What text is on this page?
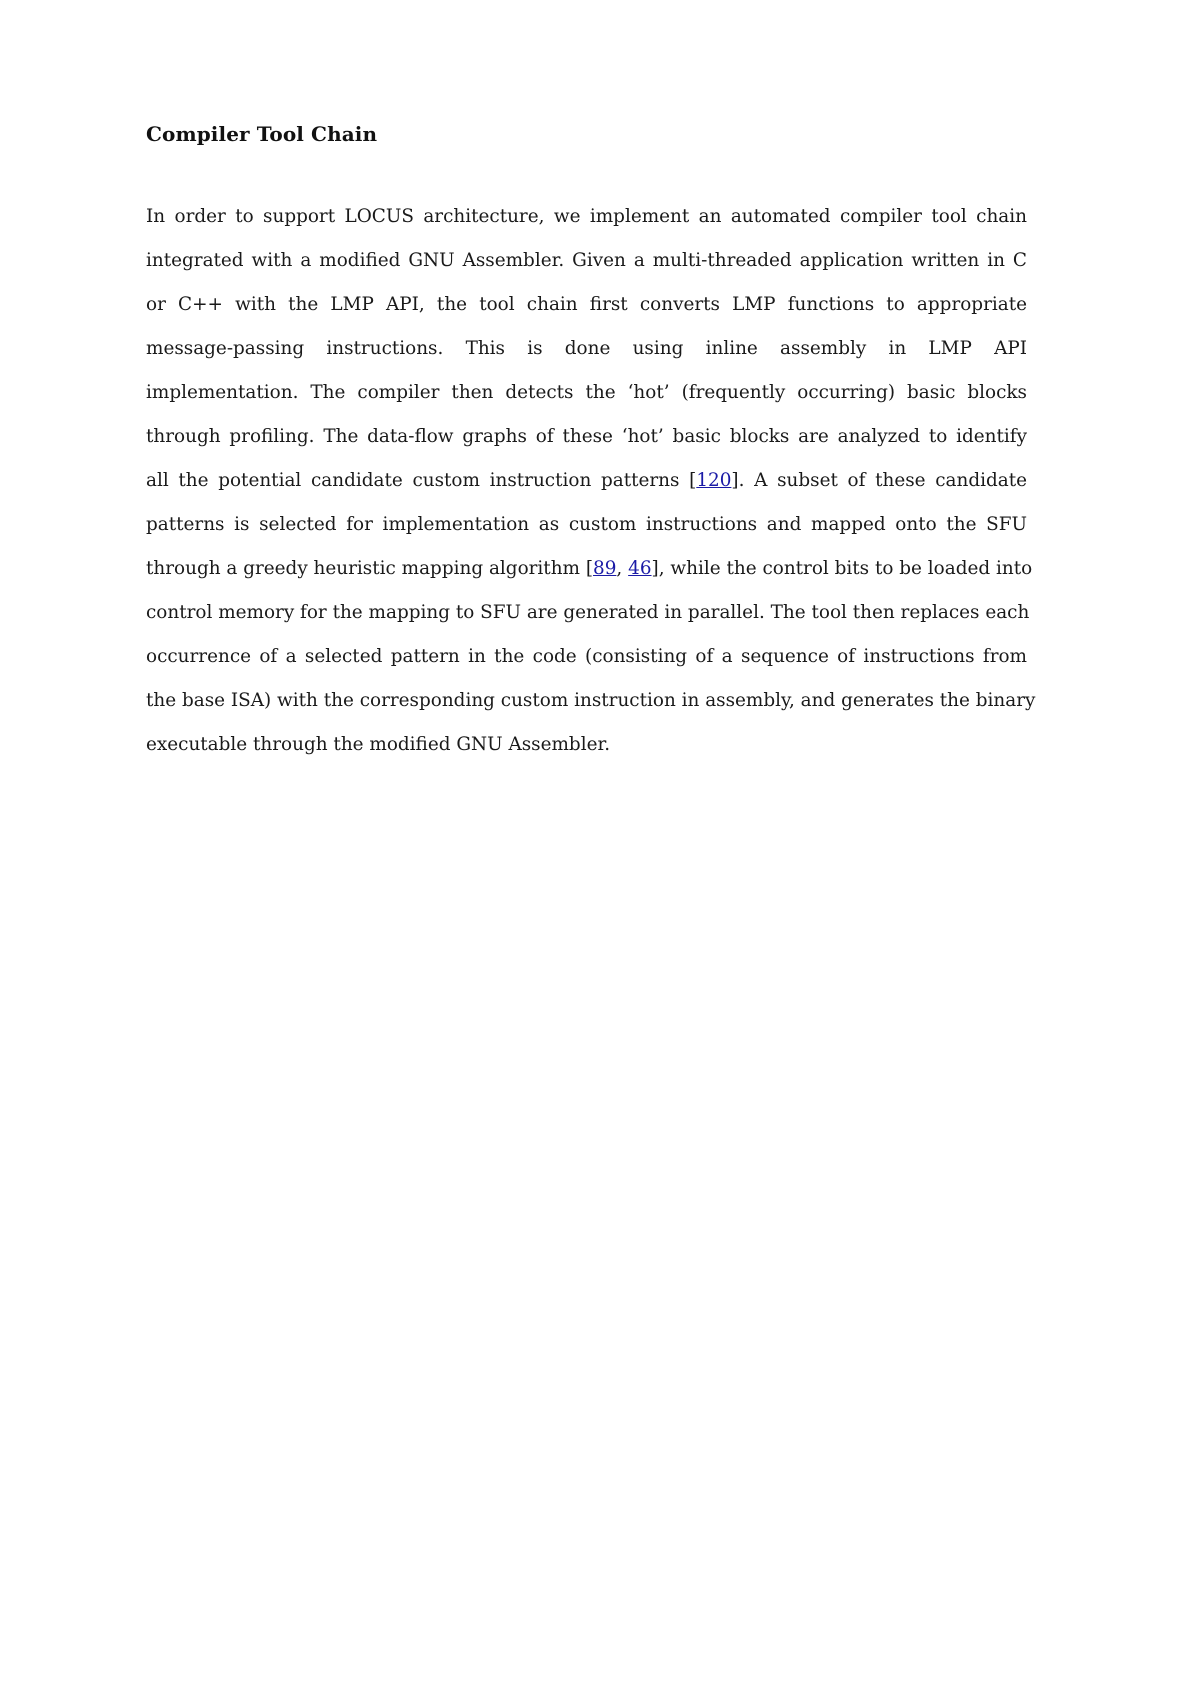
Compiler Tool Chain
In order to support LOCUS architecture, we implement an automated compiler tool chain
integrated with a modified GNU Assembler. Given a multi-threaded application written in C
or C++ with the LMP API, the tool chain first converts LMP functions to appropriate
message-passing instructions. This is done using inline assembly in LMP API
implementation. The compiler then detects the ‘hot’ (frequently occurring) basic blocks
through profiling. The data-flow graphs of these ‘hot’ basic blocks are analyzed to identify
all the potential candidate custom instruction patterns [120]. A subset of these candidate
patterns is selected for implementation as custom instructions and mapped onto the SFU
through a greedy heuristic mapping algorithm [89, 46], while the control bits to be loaded into
control memory for the mapping to SFU are generated in parallel. The tool then replaces each
occurrence of a selected pattern in the code (consisting of a sequence of instructions from
the base ISA) with the corresponding custom instruction in assembly, and generates the binary
executable through the modified GNU Assembler.
